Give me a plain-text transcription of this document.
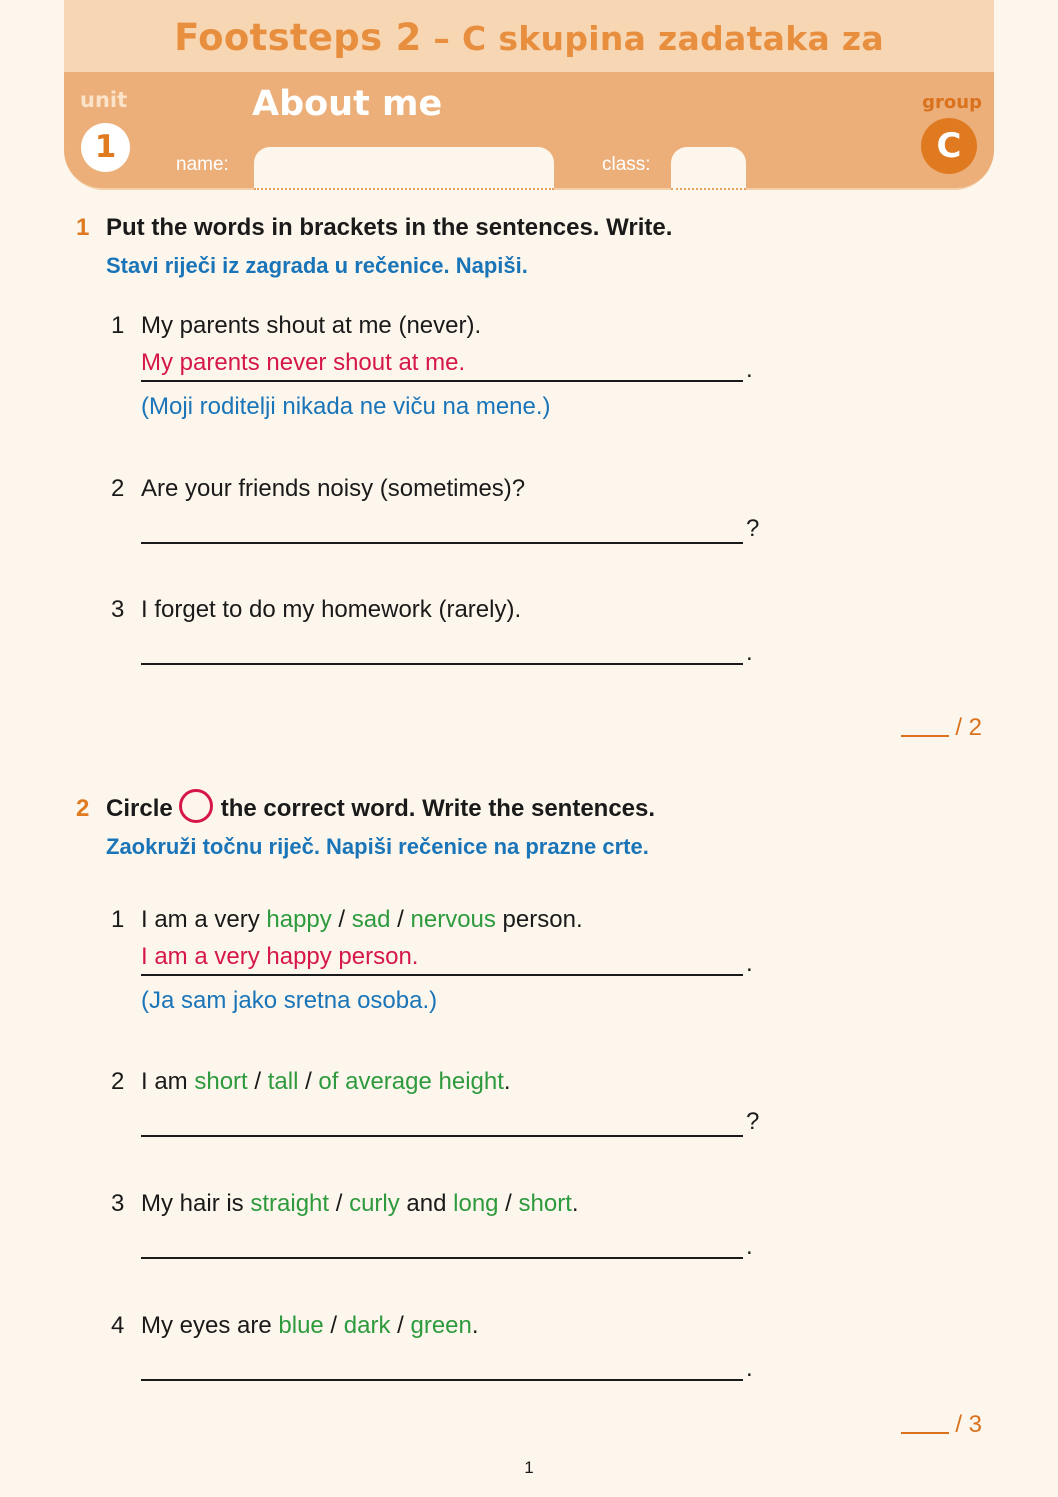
Footsteps 2 – C skupina zadataka za
unit
1
About me
name:	class:
group
C
1 Put the words in brackets in the sentences. Write.
Stavi riječi iz zagrada u rečenice. Napiši.
1 My parents shout at me (never).
My parents never shout at me.	.
(Moji roditelji nikada ne viču na mene.)
2 Are your friends noisy (sometimes)?
?
3 I forget to do my homework (rarely).
.
/ 2
2 Circle the correct word. Write the sentences.
Zaokruži točnu riječ. Napiši rečenice na prazne crte.
1 I am a very happy / sad / nervous person.
I am a very happy person.	.
(Ja sam jako sretna osoba.)
2 I am short / tall / of average height.
?
3 My hair is straight / curly and long / short.
.
4 My eyes are blue / dark / green.
.
/ 3
1
